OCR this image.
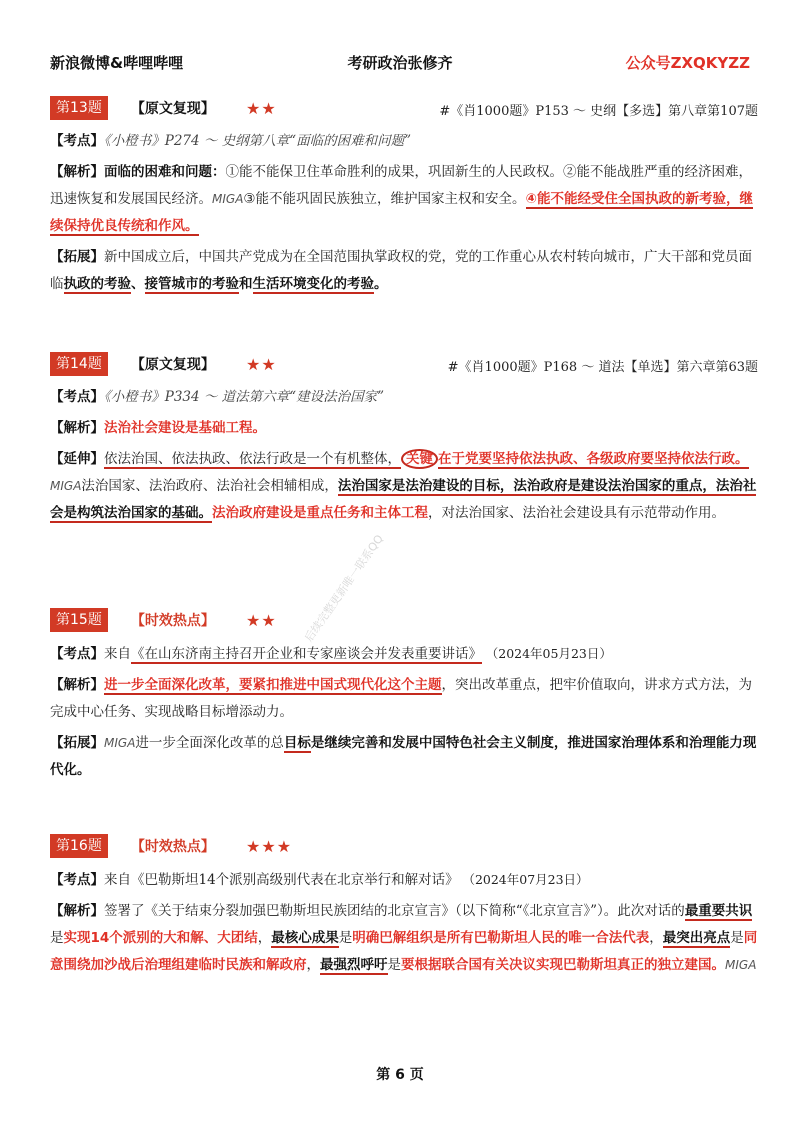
新浪微博&哔哩哔哩	考研政治张修齐	公众号ZXQKYZZ
第13题 【原文复现】 ★★	#《肖1000题》P153 ～ 史纲【多选】第八章第107题
【考点】《小橙书》P274 ～ 史纲第八章“面临的困难和问题”
【解析】面临的困难和问题：①能不能保卫住革命胜利的成果，巩固新生的人民政权。②能不能战胜严重的经济困难，迅速恢复和发展国民经济。MIGA③能不能巩固民族独立，维护国家主权和安全。④能不能经受住全国执政的新考验，继续保持优良传统和作风。
【拓展】新中国成立后，中国共产党成为在全国范围执掌政权的党，党的工作重心从农村转向城市，广大干部和党员面临执政的考验、接管城市的考验和生活环境变化的考验。
第14题 【原文复现】 ★★	#《肖1000题》P168 ～ 道法【单选】第六章第63题
【考点】《小橙书》P334 ～ 道法第六章“建设法治国家”
【解析】法治社会建设是基础工程。
【延伸】依法治国、依法执政、依法行政是一个有机整体， 关键 在于党要坚持依法执政、各级政府要坚持依法行政。MIGA法治国家、法治政府、法治社会相辅相成，法治国家是法治建设的目标，法治政府是建设法治国家的重点，法治社会是构筑法治国家的基础。法治政府建设是重点任务和主体工程，对法治国家、法治社会建设具有示范带动作用。
第15题 【时效热点】 ★★
【考点】来自《在山东济南主持召开企业和专家座谈会并发表重要讲话》 （2024年05月23日）
【解析】进一步全面深化改革，要紧扣推进中国式现代化这个主题，突出改革重点，把牢价值取向，讲求方式方法，为完成中心任务、实现战略目标增添动力。
【拓展】MIGA进一步全面深化改革的总目标是继续完善和发展中国特色社会主义制度，推进国家治理体系和治理能力现代化。
第16题 【时效热点】 ★★★
【考点】来自《巴勒斯坦14个派别高级别代表在北京举行和解对话》 （2024年07月23日）
【解析】签署了《关于结束分裂加强巴勒斯坦民族团结的北京宣言》（以下简称“《北京宣言》”）。此次对话的最重要共识是实现14个派别的大和解、大团结，最核心成果是明确巴解组织是所有巴勒斯坦人民的唯一合法代表，最突出亮点是同意围绕加沙战后治理组建临时民族和解政府，最强烈呼吁是要根据联合国有关决议实现巴勒斯坦真正的独立建国。MIGA
后续完整更新唯一联系QQ
第 6 页
